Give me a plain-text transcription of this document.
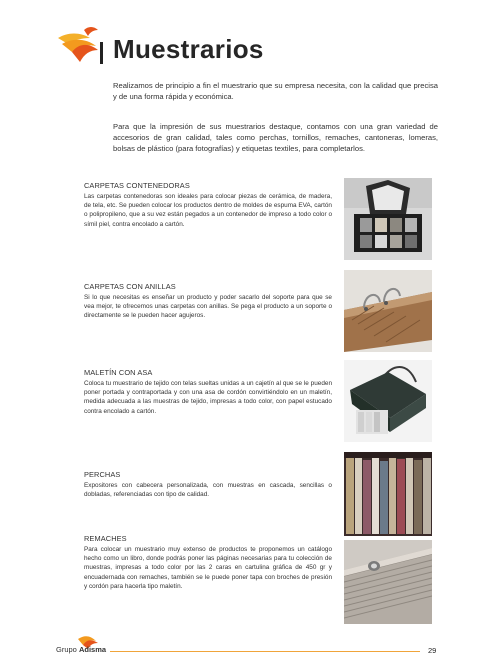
Muestrarios

Realizamos de principio a fin el muestrario que su empresa necesita, con la calidad que precisa y de una forma rápida y económica.

Para que la impresión de sus muestrarios destaque, contamos con una gran variedad de accesorios de gran calidad, tales como perchas, tornillos, remaches, cantoneras, lomeras, bolsas de plástico (para fotografías) y etiquetas textiles, para completarlos.

CARPETAS CONTENEDORAS

Las carpetas contenedoras son ideales para colocar piezas de cerámica, de madera, de tela, etc. Se pueden colocar los productos dentro de moldes de espuma EVA, cartón o polipropileno, que a su vez están pegados a un contenedor de impreso a todo color o símil piel, contra encolado a cartón.

CARPETAS CON ANILLAS

Si lo que necesitas es enseñar un producto y poder sacarlo del soporte para que se vea mejor, te ofrecemos unas carpetas con anillas. Se pega el producto a un soporte o directamente se le pueden hacer agujeros.

MALETÍN CON ASA

Coloca tu muestrario de tejido con telas sueltas unidas a un cajetín al que se le pueden poner portada y contraportada y con una asa de cordón convirtiéndolo en un maletín, medida adecuada a las muestras de tejido, impresas a todo color, con papel estucado contra encolado a cartón.

PERCHAS

Expositores con cabecera personalizada, con muestras en cascada, sencillas o dobladas, referenciadas con tipo de calidad.

REMACHES

Para colocar un muestrario muy extenso de productos te proponemos un catálogo hecho como un libro, donde podrás poner las páginas necesarias para tu colección de muestras, impresas a todo color por las 2 caras en cartulina gráfica de 450 gr y encuadernada con remaches, también se le puede poner tapa con broches de presión y cordón para hacerla tipo maletín.

Grupo Adisma	29
